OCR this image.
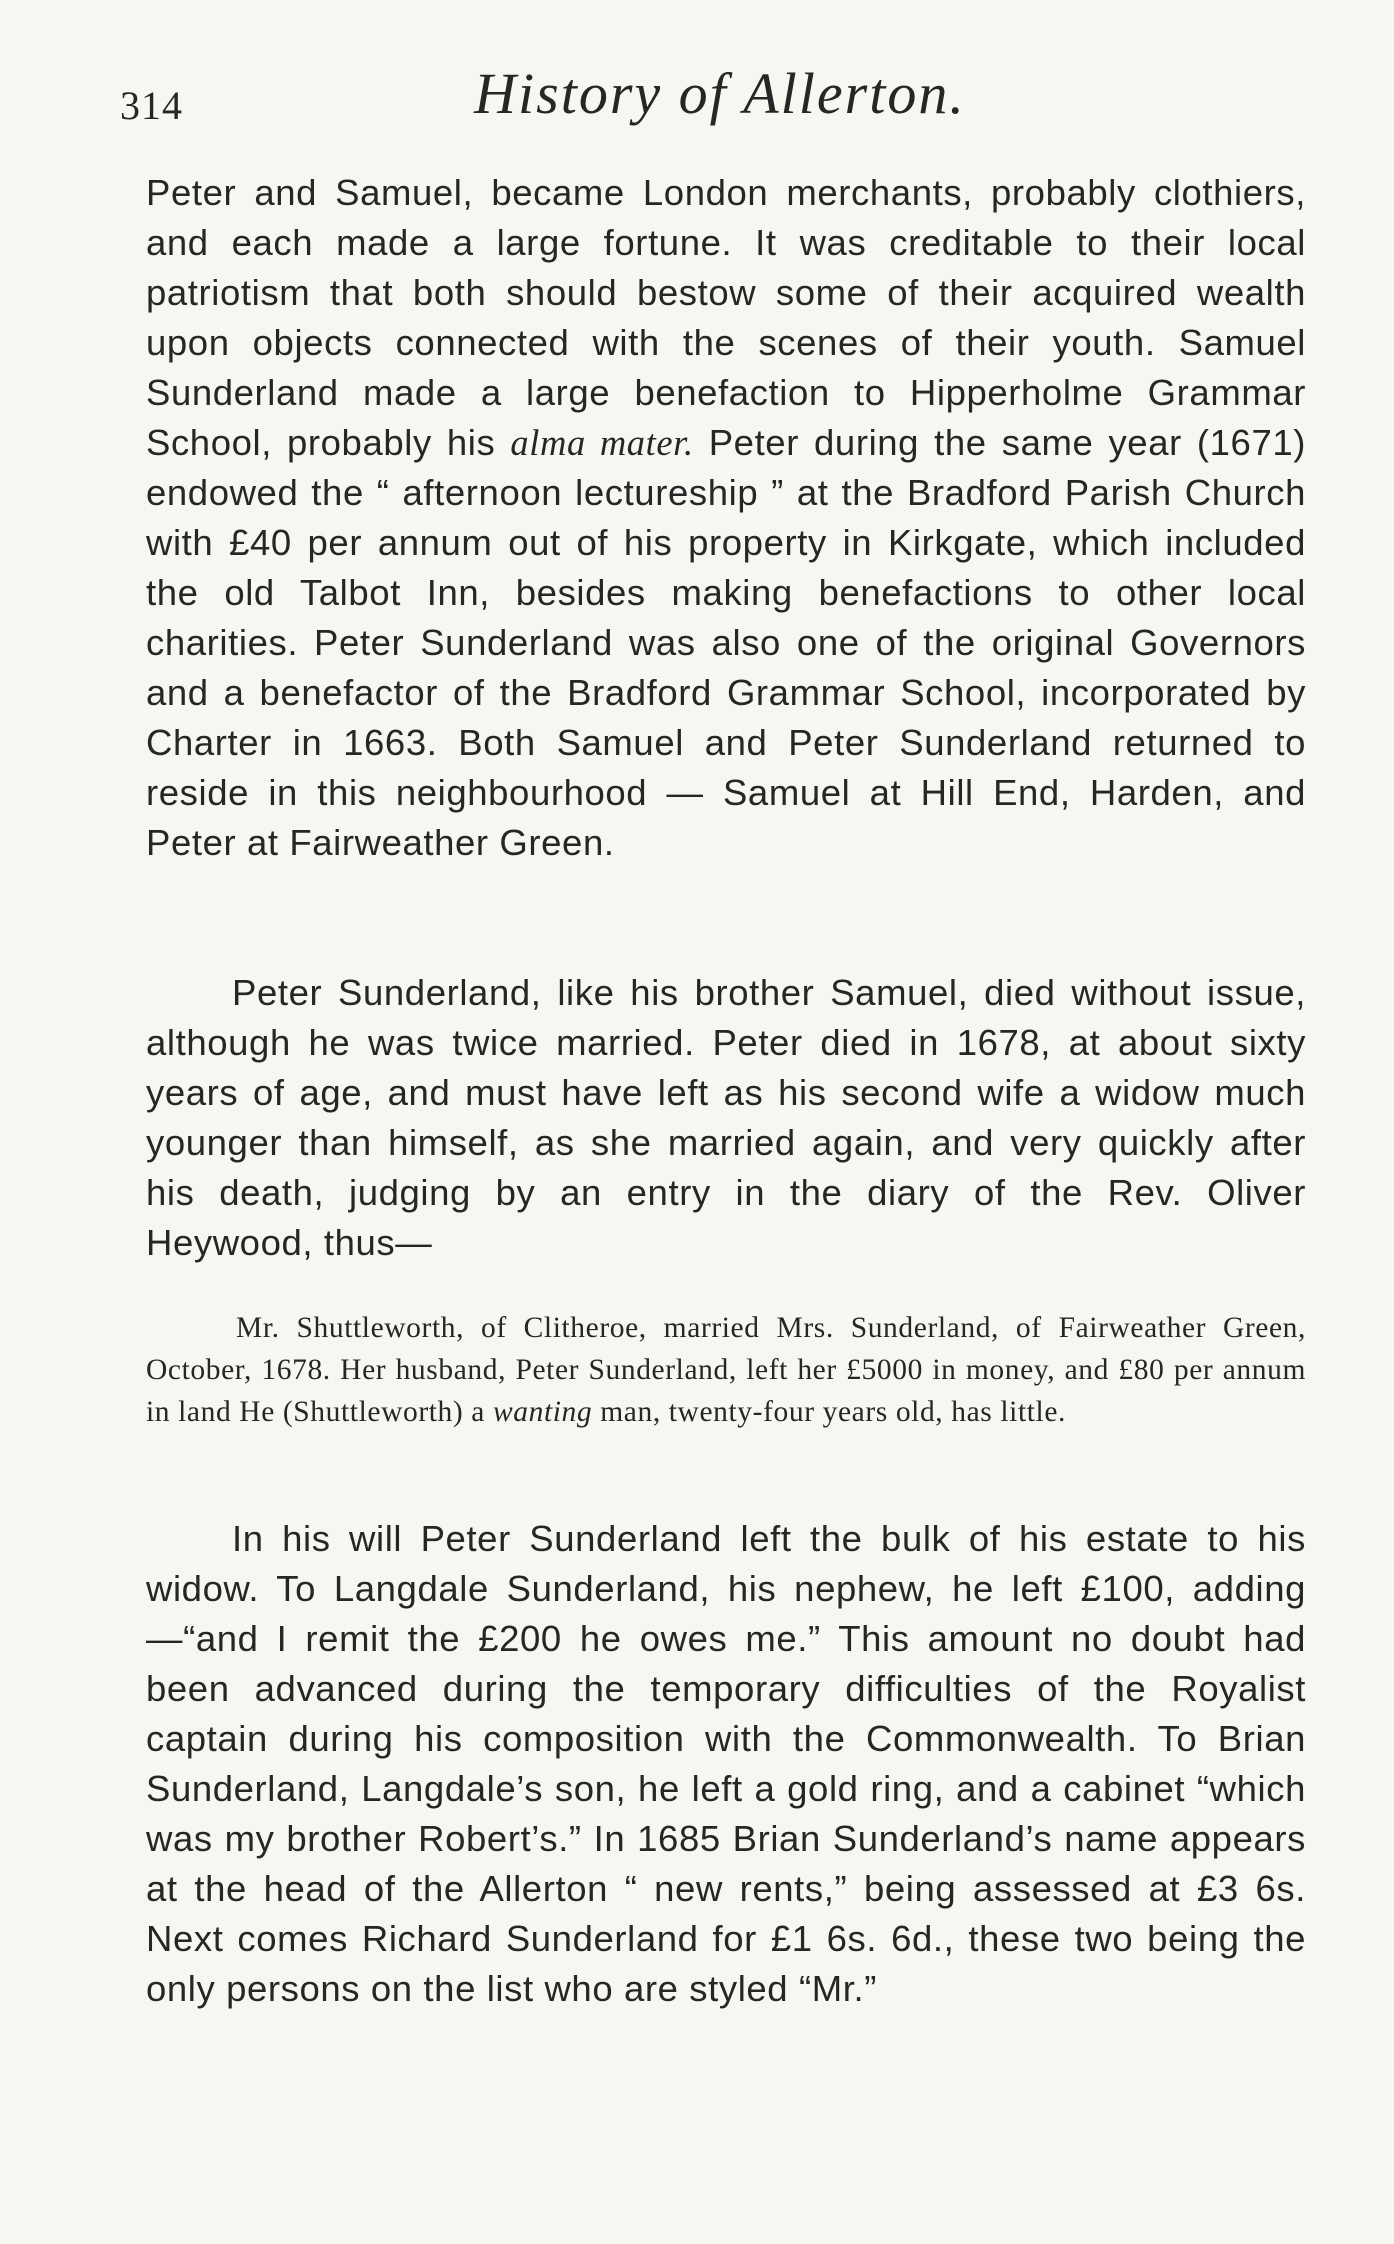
314	History of Allerton.

Peter and Samuel, became London merchants, probably clothiers, and each made a large fortune. It was creditable to their local patriotism that both should bestow some of their acquired wealth upon objects connected with the scenes of their youth. Samuel Sunderland made a large benefaction to Hipperholme Grammar School, probably his alma mater. Peter during the same year (1671) endowed the “ afternoon lectureship ” at the Bradford Parish Church with £40 per annum out of his property in Kirkgate, which included the old Talbot Inn, besides making benefactions to other local charities. Peter Sunderland was also one of the original Governors and a benefactor of the Bradford Grammar School, incorporated by Charter in 1663. Both Samuel and Peter Sunderland returned to reside in this neighbourhood — Samuel at Hill End, Harden, and Peter at Fairweather Green.

Peter Sunderland, like his brother Samuel, died without issue, although he was twice married. Peter died in 1678, at about sixty years of age, and must have left as his second wife a widow much younger than himself, as she married again, and very quickly after his death, judging by an entry in the diary of the Rev. Oliver Heywood, thus—

Mr. Shuttleworth, of Clitheroe, married Mrs. Sunderland, of Fairweather Green, October, 1678. Her husband, Peter Sunderland, left her £5000 in money, and £80 per annum in land He (Shuttleworth) a wanting man, twenty-four years old, has little.

In his will Peter Sunderland left the bulk of his estate to his widow. To Langdale Sunderland, his nephew, he left £100, adding—“and I remit the £200 he owes me.” This amount no doubt had been advanced during the temporary difficulties of the Royalist captain during his composition with the Commonwealth. To Brian Sunderland, Langdale’s son, he left a gold ring, and a cabinet “which was my brother Robert’s.” In 1685 Brian Sunderland’s name appears at the head of the Allerton “ new rents,” being assessed at £3 6s. Next comes Richard Sunderland for £1 6s. 6d., these two being the only persons on the list who are styled “Mr.”
